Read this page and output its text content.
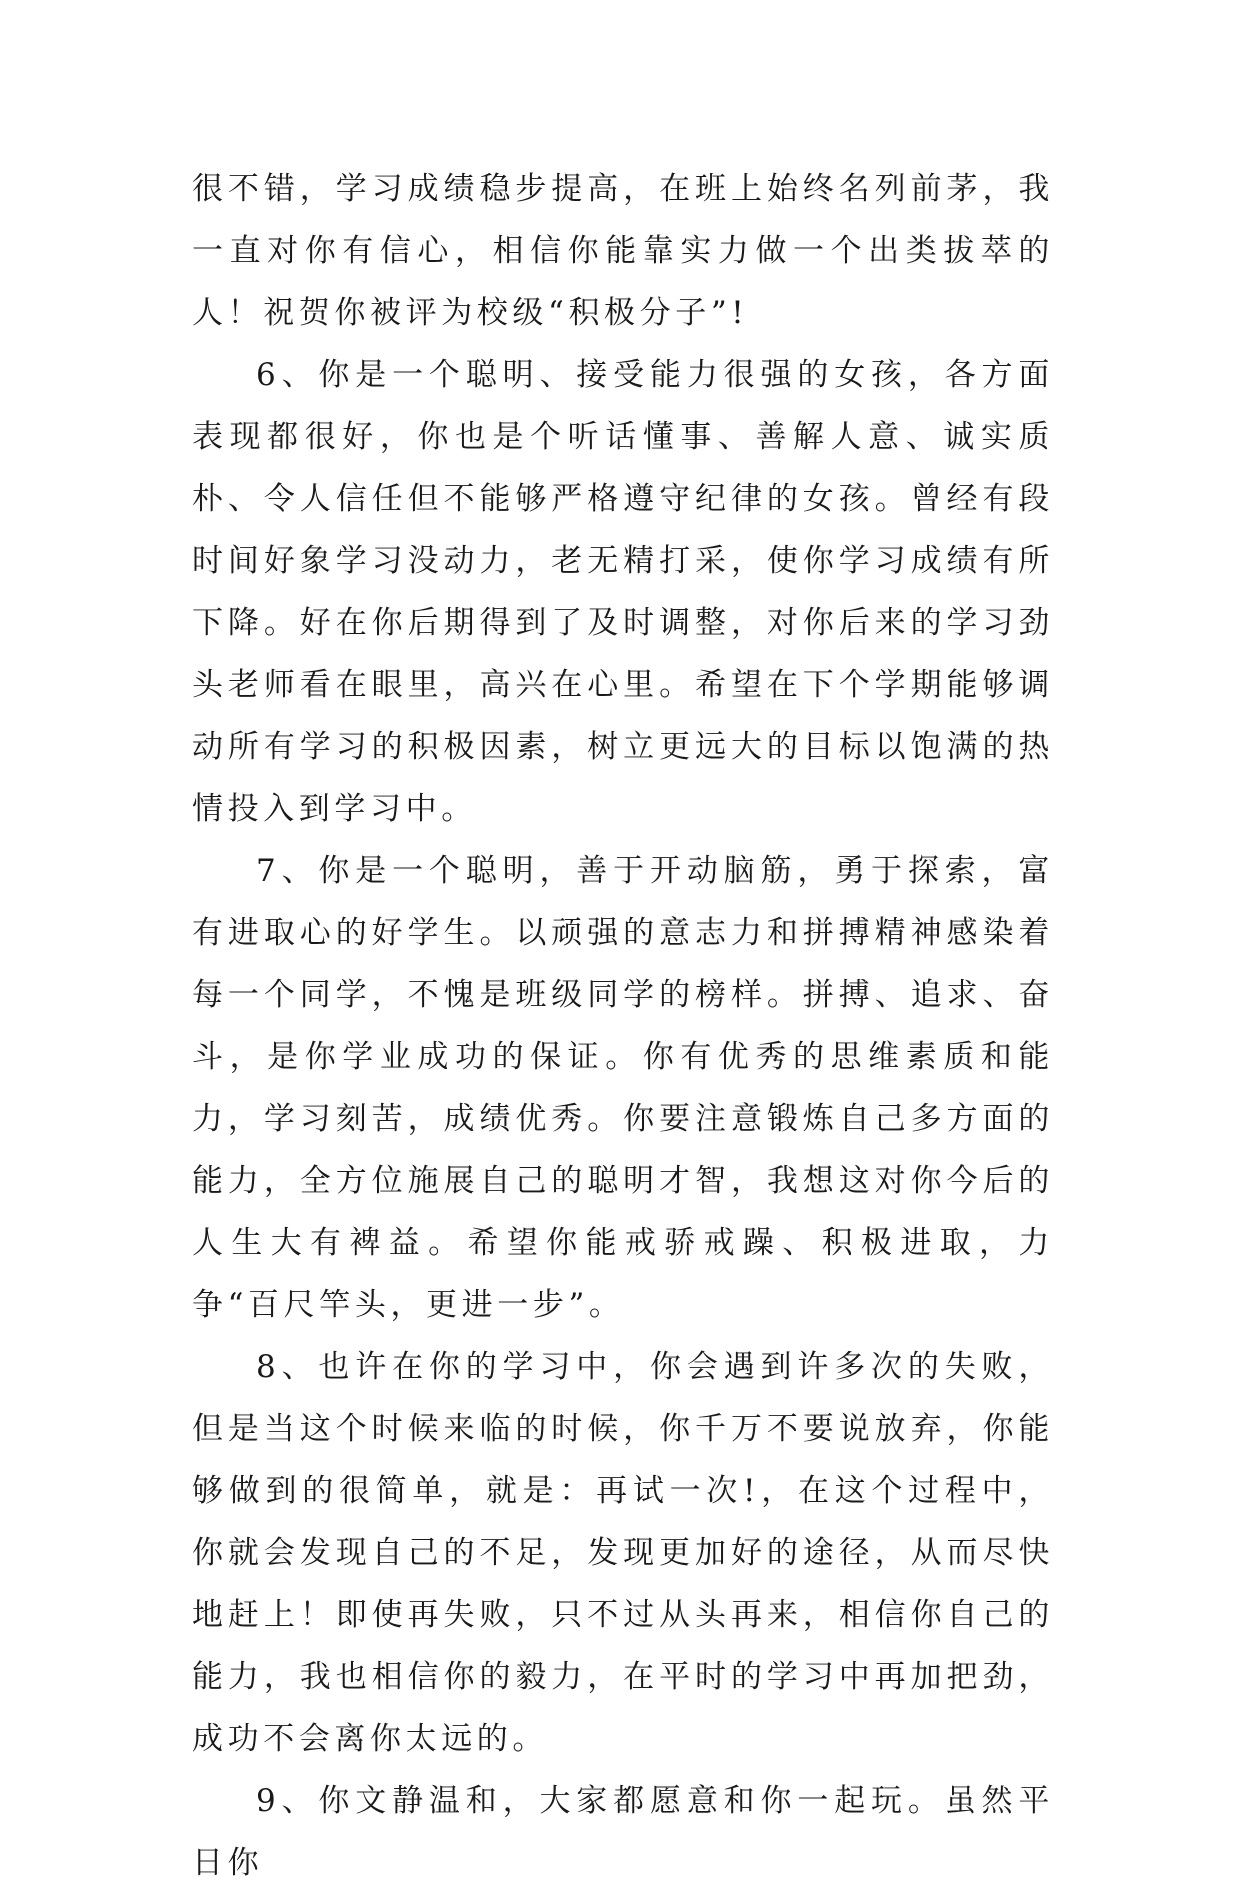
很不错，学习成绩稳步提高，在班上始终名列前茅，我一直对你有信心，相信你能靠实力做一个出类拔萃的人！祝贺你被评为校级“积极分子”!

6、你是一个聪明、接受能力很强的女孩，各方面表现都很好，你也是个听话懂事、善解人意、诚实质朴、令人信任但不能够严格遵守纪律的女孩。曾经有段时间好象学习没动力，老无精打采，使你学习成绩有所下降。好在你后期得到了及时调整，对你后来的学习劲头老师看在眼里，高兴在心里。希望在下个学期能够调动所有学习的积极因素，树立更远大的目标以饱满的热情投入到学习中。

7、你是一个聪明，善于开动脑筋，勇于探索，富有进取心的好学生。以顽强的意志力和拼搏精神感染着每一个同学，不愧是班级同学的榜样。拼搏、追求、奋斗，是你学业成功的保证。你有优秀的思维素质和能力，学习刻苦，成绩优秀。你要注意锻炼自己多方面的能力，全方位施展自己的聪明才智，我想这对你今后的人生大有裨益。希望你能戒骄戒躁、积极进取，力争“百尺竿头，更进一步”。

8、也许在你的学习中，你会遇到许多次的失败，但是当这个时候来临的时候，你千万不要说放弃，你能够做到的很简单，就是：再试一次!，在这个过程中，你就会发现自己的不足，发现更加好的途径，从而尽快地赶上！即使再失败，只不过从头再来，相信你自己的能力，我也相信你的毅力，在平时的学习中再加把劲，成功不会离你太远的。

9、你文静温和，大家都愿意和你一起玩。虽然平日你
